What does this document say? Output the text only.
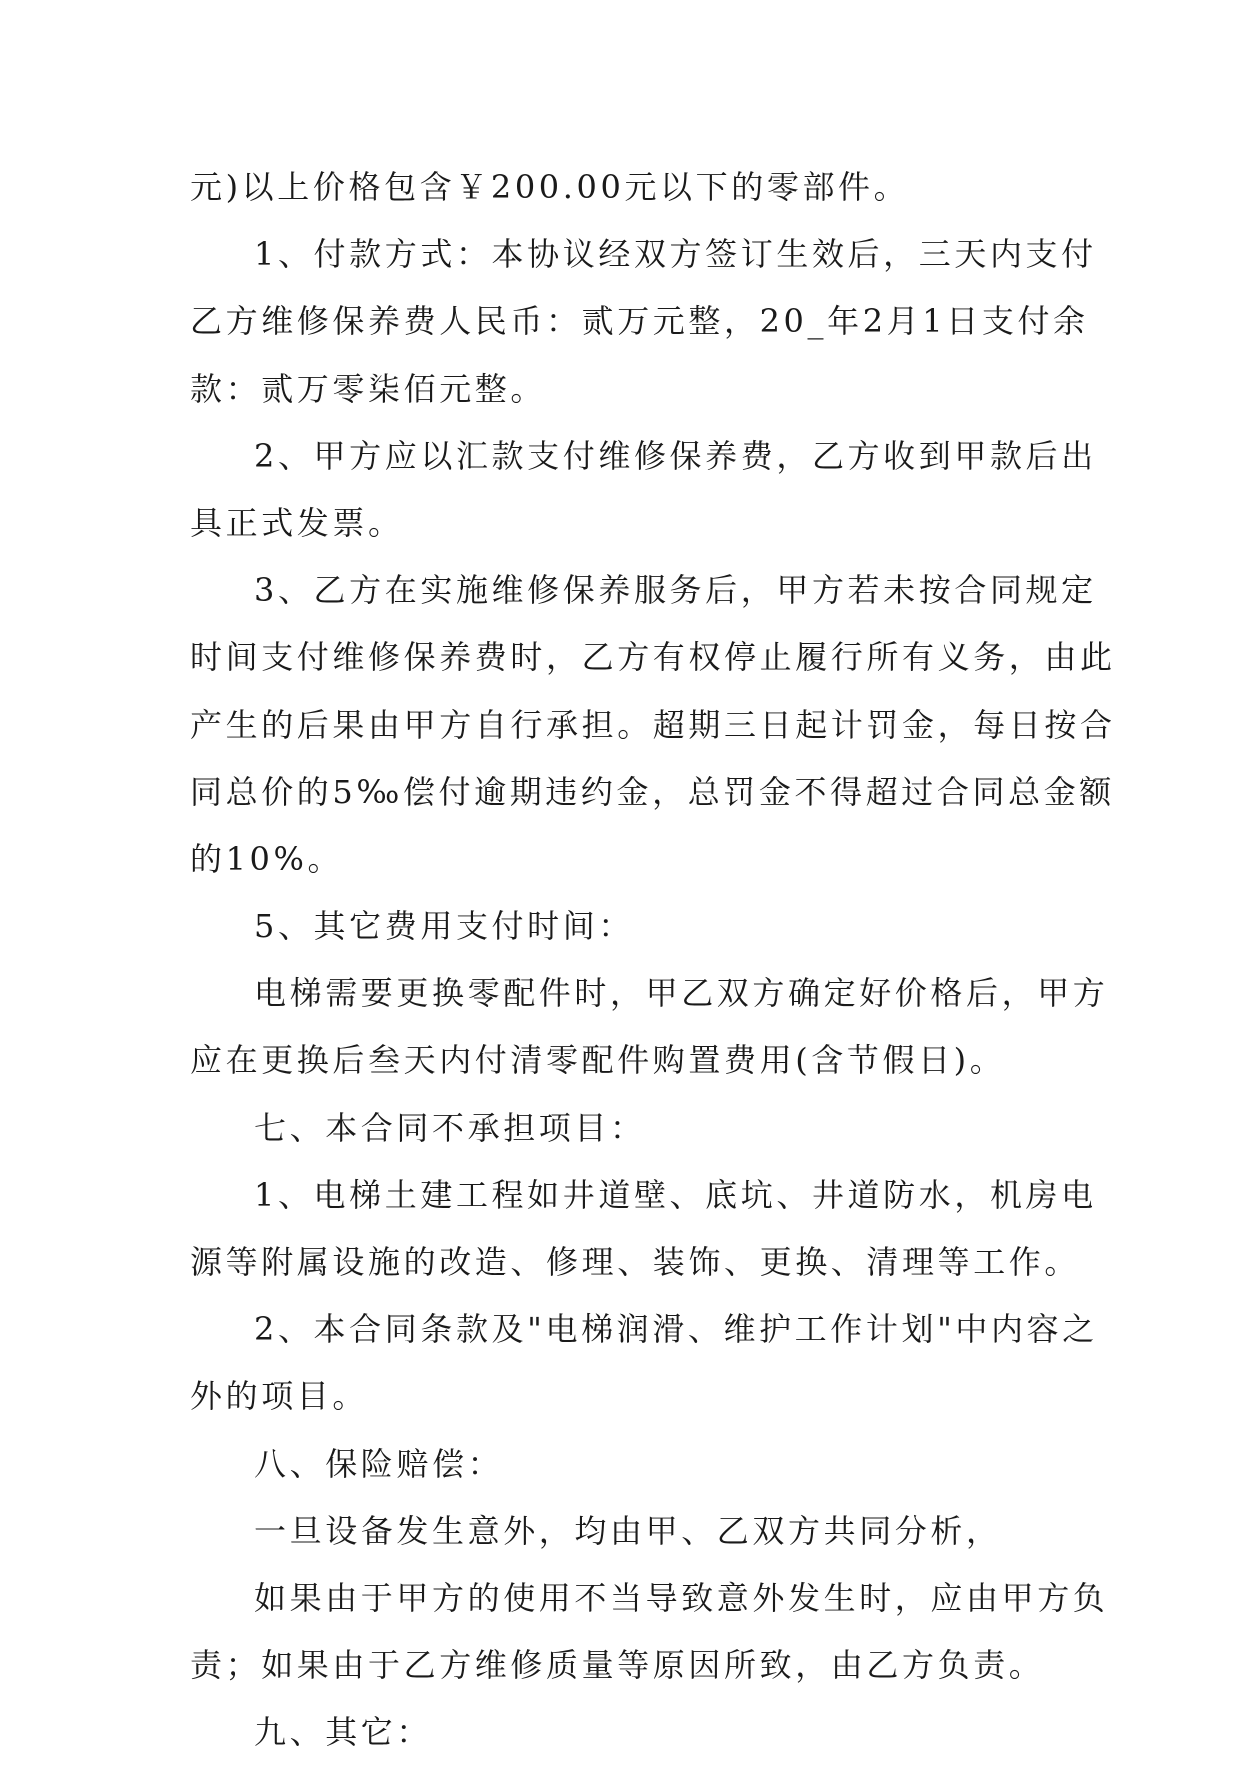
元)以上价格包含￥200.00元以下的零部件。
1、付款方式：本协议经双方签订生效后，三天内支付
乙方维修保养费人民币：贰万元整，20_年2月1日支付余
款：贰万零柒佰元整。
2、甲方应以汇款支付维修保养费，乙方收到甲款后出
具正式发票。
3、乙方在实施维修保养服务后，甲方若未按合同规定
时间支付维修保养费时，乙方有权停止履行所有义务，由此
产生的后果由甲方自行承担。超期三日起计罚金，每日按合
同总价的5‰偿付逾期违约金，总罚金不得超过合同总金额
的10%。
5、其它费用支付时间：
电梯需要更换零配件时，甲乙双方确定好价格后，甲方
应在更换后叁天内付清零配件购置费用(含节假日)。
七、本合同不承担项目：
1、电梯土建工程如井道壁、底坑、井道防水，机房电
源等附属设施的改造、修理、装饰、更换、清理等工作。
2、本合同条款及"电梯润滑、维护工作计划"中内容之
外的项目。
八、保险赔偿：
一旦设备发生意外，均由甲、乙双方共同分析，
如果由于甲方的使用不当导致意外发生时，应由甲方负
责；如果由于乙方维修质量等原因所致，由乙方负责。
九、其它：
